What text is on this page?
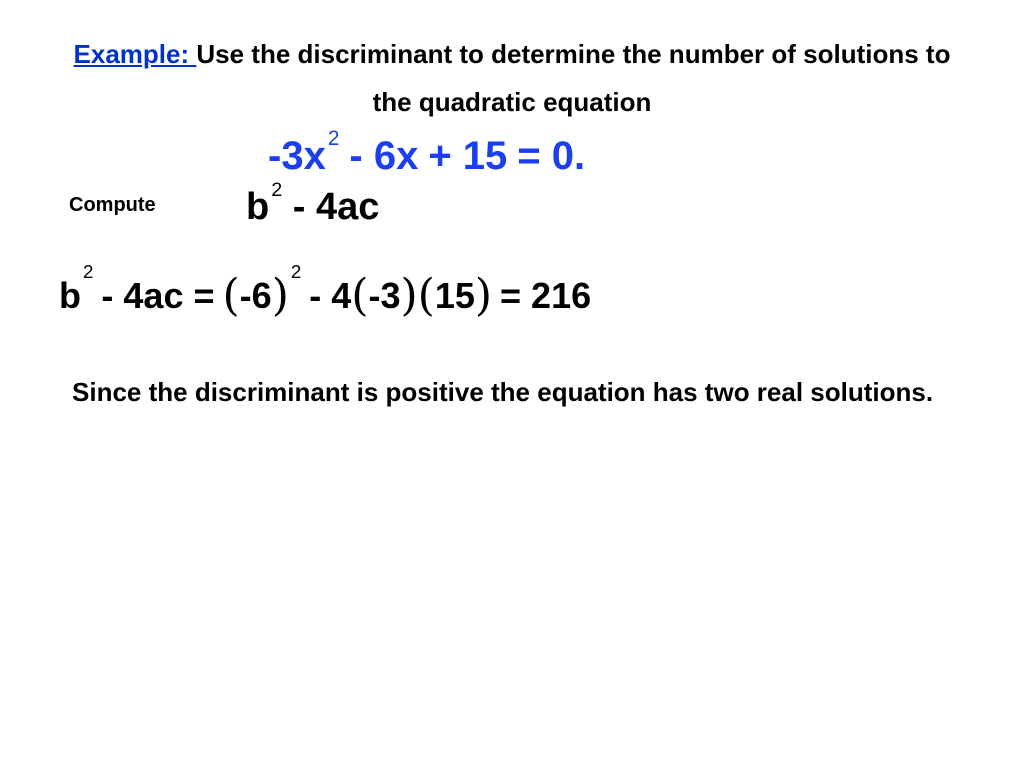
Example: Use the discriminant to determine the number of solutions to the quadratic equation
$-3x^2 - 6x + 15 = 0$.
Compute b $^2$ - 4ac
$b^2-$ 4ac = (-6) $^2$- 4(-3)(15) = 216
Since the discriminant is positive the equation has two real solutions.
